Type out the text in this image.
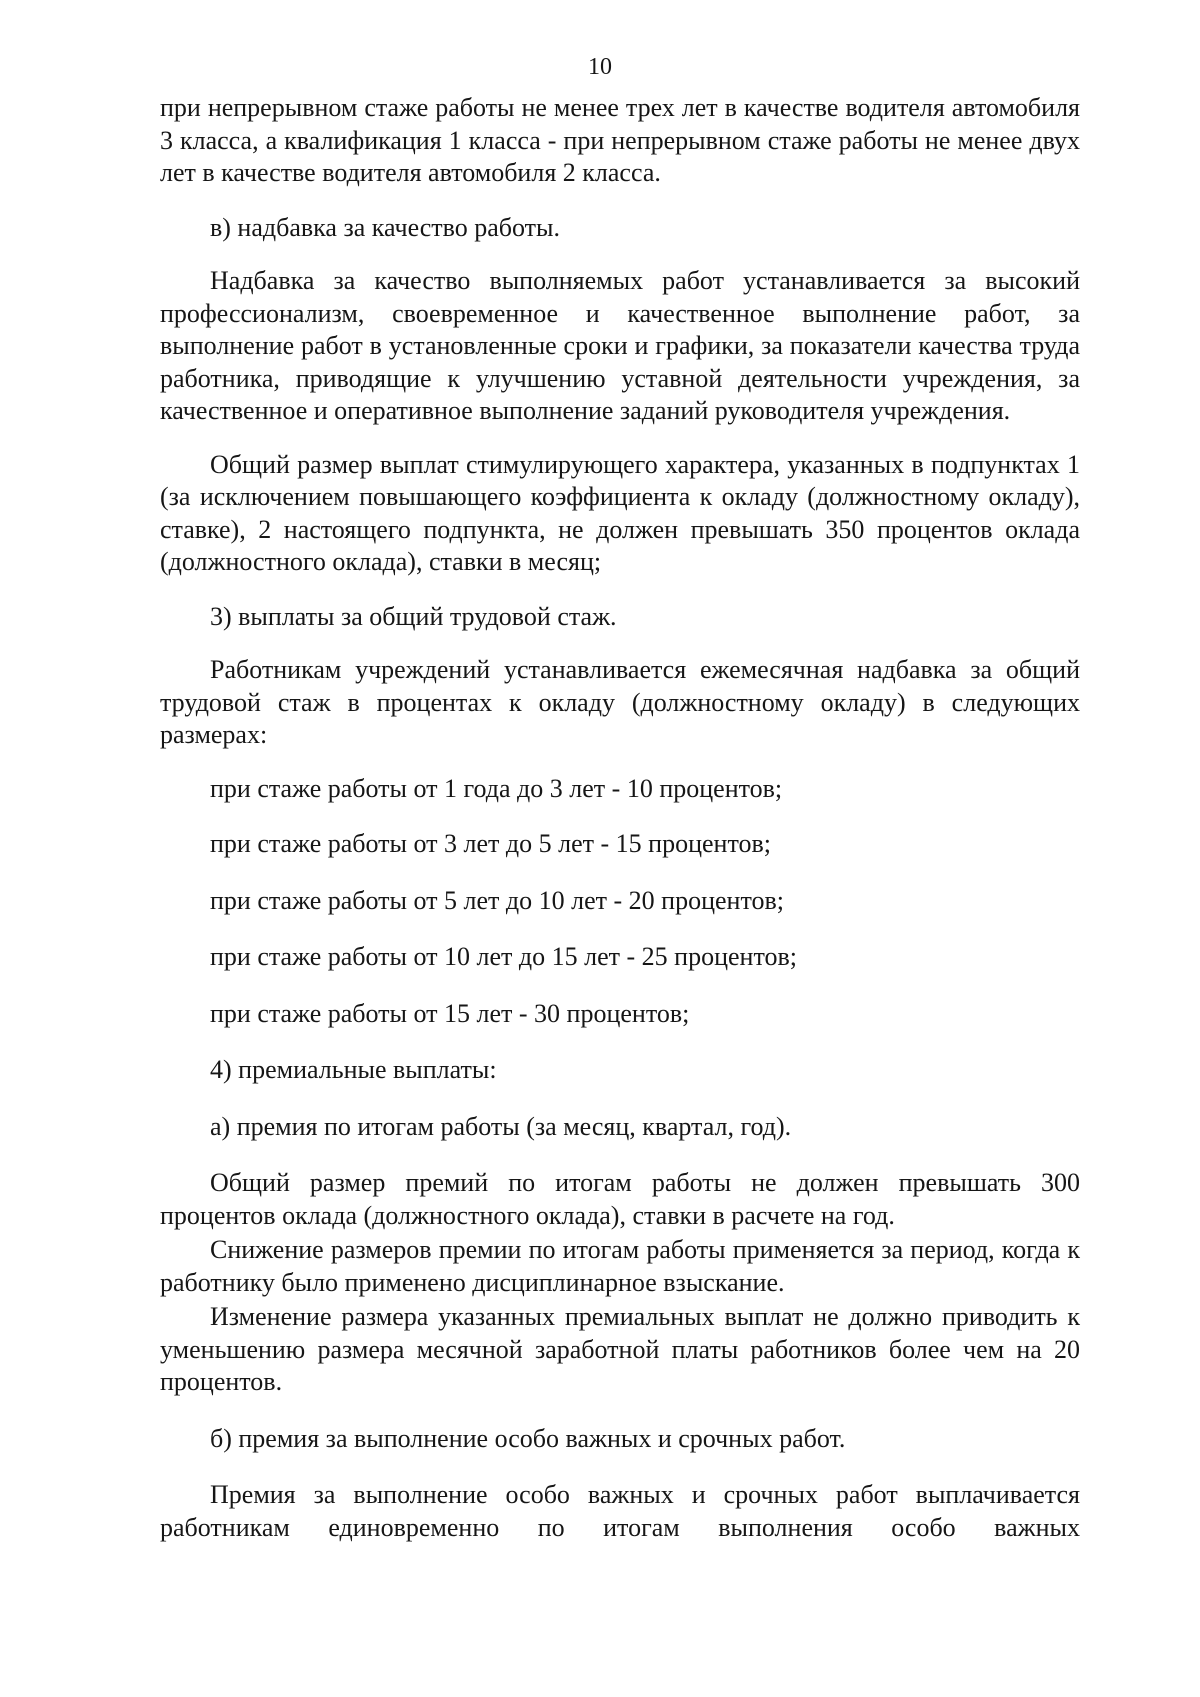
10

при непрерывном стаже работы не менее трех лет в качестве водителя автомобиля 3 класса, а квалификация 1 класса - при непрерывном стаже работы не менее двух лет в качестве водителя автомобиля 2 класса.

в) надбавка за качество работы.

Надбавка за качество выполняемых работ устанавливается за высокий профессионализм, своевременное и качественное выполнение работ, за выполнение работ в установленные сроки и графики, за показатели качества труда работника, приводящие к улучшению уставной деятельности учреждения, за качественное и оперативное выполнение заданий руководителя учреждения.

Общий размер выплат стимулирующего характера, указанных в подпунктах 1 (за исключением повышающего коэффициента к окладу (должностному окладу), ставке), 2 настоящего подпункта, не должен превышать 350 процентов оклада (должностного оклада), ставки в месяц;

3) выплаты за общий трудовой стаж.

Работникам учреждений устанавливается ежемесячная надбавка за общий трудовой стаж в процентах к окладу (должностному окладу) в следующих размерах:

при стаже работы от 1 года до 3 лет - 10 процентов;

при стаже работы от 3 лет до 5 лет - 15 процентов;

при стаже работы от 5 лет до 10 лет - 20 процентов;

при стаже работы от 10 лет до 15 лет - 25 процентов;

при стаже работы от 15 лет - 30 процентов;

4) премиальные выплаты:

а) премия по итогам работы (за месяц, квартал, год).

Общий размер премий по итогам работы не должен превышать 300 процентов оклада (должностного оклада), ставки в расчете на год.

Снижение размеров премии по итогам работы применяется за период, когда к работнику было применено дисциплинарное взыскание.

Изменение размера указанных премиальных выплат не должно приводить к уменьшению размера месячной заработной платы работников более чем на 20 процентов.

б) премия за выполнение особо важных и срочных работ.

Премия за выполнение особо важных и срочных работ выплачивается работникам единовременно по итогам выполнения особо важных
